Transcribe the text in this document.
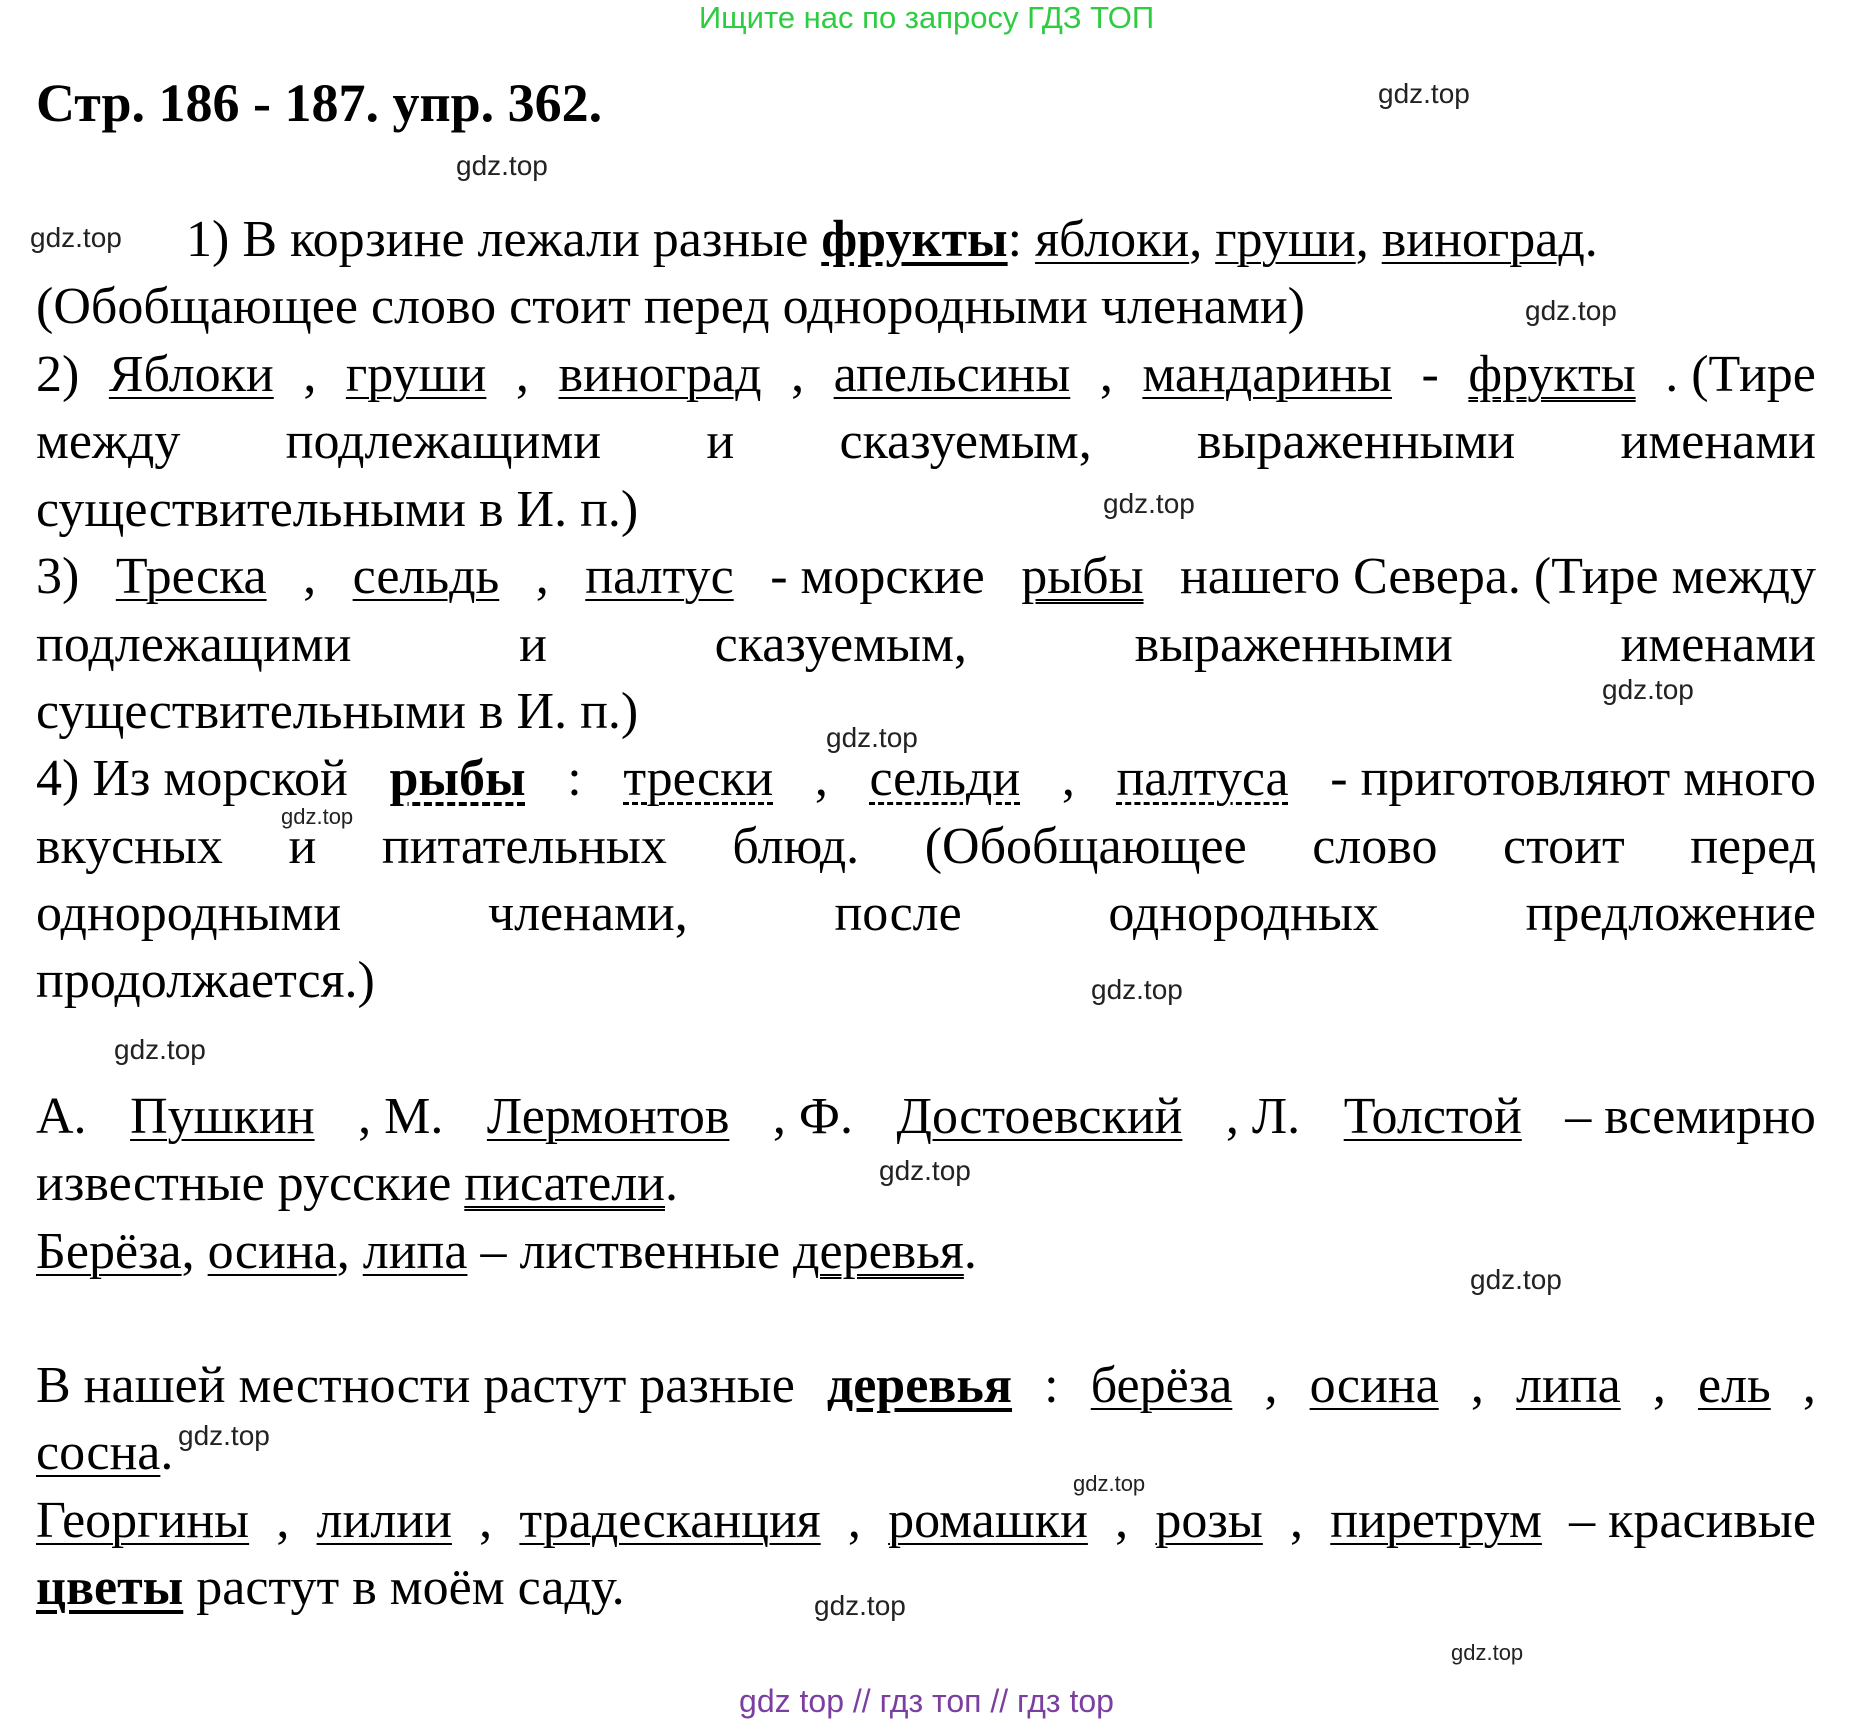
Ищите нас по запросу ГДЗ ТОП
Стр. 186 - 187. упр. 362.
1) В корзине лежали разные фрукты : яблоки , груши , виноград .
(Обобщающее слово стоит перед однородными членами)
2) Яблоки , груши , виноград , апельсины , мандарины - фрукты . (Тире
между подлежащими и сказуемым, выраженными именами
существительными в И. п.)
3) Треска , сельдь , палтус - морские рыбы нашего Севера. (Тире между
подлежащими	и	сказуемым,	выраженными	именами
существительными в И. п.)
4) Из морской рыбы : трески , сельди , палтуса - приготовляют много
вкусных и питательных блюд. (Обобщающее слово стоит перед
однородными	членами,	после	однородных	предложение
продолжается.)
А. Пушкин , М. Лермонтов , Ф. Достоевский , Л. Толстой – всемирно
известные русские писатели .
Берёза , осина , липа – лиственные деревья .
В нашей местности растут разные деревья : берёза , осина , липа , ель ,
сосна .
Георгины , лилии , традесканция , ромашки , розы , пиретрум – красивые
цветы растут в моём саду.
gdz.top
gdz.top
gdz.top
gdz.top
gdz.top
gdz.top
gdz.top
gdz.top
gdz.top
gdz.top
gdz.top
gdz.top
gdz.top
gdz.top
gdz.top
gdz.top
gdz top // гдз топ // гдз top
